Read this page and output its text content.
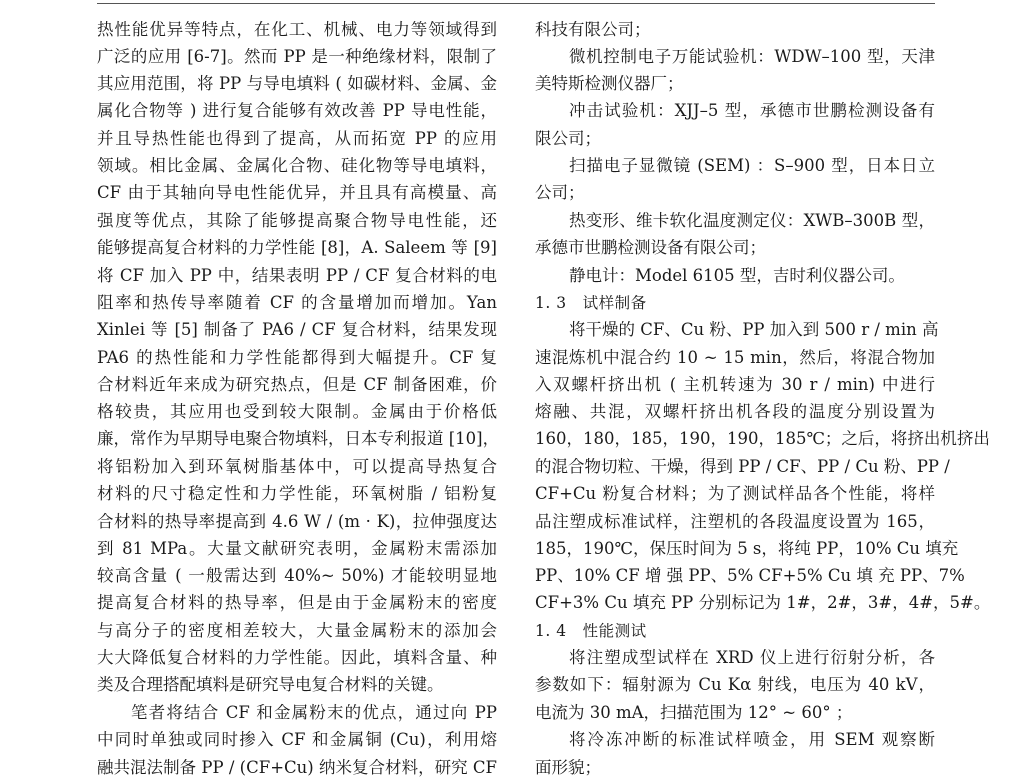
热性能优异等特点，在化工、机械、电力等领域得到
广泛的应用 [6-7]。然而 PP 是一种绝缘材料，限制了
其应用范围，将 PP 与导电填料 ( 如碳材料、金属、金
属化合物等 ) 进行复合能够有效改善 PP 导电性能，
并且导热性能也得到了提高，从而拓宽 PP 的应用
领域。相比金属、金属化合物、硅化物等导电填料，
CF 由于其轴向导电性能优异，并且具有高模量、高
强度等优点，其除了能够提高聚合物导电性能，还
能够提高复合材料的力学性能 [8]，A. Saleem 等 [9]
将 CF 加入 PP 中，结果表明 PP / CF 复合材料的电
阻率和热传导率随着 CF 的含量增加而增加。Yan
Xinlei 等 [5] 制备了 PA6 / CF 复合材料，结果发现
PA6 的热性能和力学性能都得到大幅提升。CF 复
合材料近年来成为研究热点，但是 CF 制备困难，价
格较贵，其应用也受到较大限制。金属由于价格低
廉，常作为早期导电聚合物填料，日本专利报道 [10]，
将铝粉加入到环氧树脂基体中，可以提高导热复合
材料的尺寸稳定性和力学性能，环氧树脂 / 铝粉复
合材料的热导率提高到 4.6 W / (m · K)，拉伸强度达
到 81 MPa。大量文献研究表明，金属粉末需添加
较高含量 ( 一般需达到 40%~ 50%) 才能较明显地
提高复合材料的热导率，但是由于金属粉末的密度
与高分子的密度相差较大，大量金属粉末的添加会
大大降低复合材料的力学性能。因此，填料含量、种
类及合理搭配填料是研究导电复合材料的关键。
笔者将结合 CF 和金属粉末的优点，通过向 PP
中同时单独或同时掺入 CF 和金属铜 (Cu)，利用熔
融共混法制备 PP / (CF+Cu) 纳米复合材料，研究 CF
科技有限公司；
微机控制电子万能试验机：WDW–100 型，天津
美特斯检测仪器厂；
冲击试验机：XJJ–5 型，承德市世鹏检测设备有
限公司；
扫描电子显微镜 (SEM) ：S–900 型，日本日立
公司；
热变形、维卡软化温度测定仪：XWB–300B 型，
承德市世鹏检测设备有限公司；
静电计：Model 6105 型，吉时利仪器公司。
1. 3　试样制备
将干燥的 CF、Cu 粉、PP 加入到 500 r / min 高
速混炼机中混合约 10 ~ 15 min，然后，将混合物加
入双螺杆挤出机 ( 主机转速为 30 r / min) 中进行
熔融、共混，双螺杆挤出机各段的温度分别设置为
160，180，185，190，190，185℃；之后，将挤出机挤出
的混合物切粒、干燥，得到 PP / CF、PP / Cu 粉、PP /
CF+Cu 粉复合材料；为了测试样品各个性能，将样
品注塑成标准试样，注塑机的各段温度设置为 165，
185，190℃，保压时间为 5 s，将纯 PP，10% Cu 填充
PP、10% CF 增 强 PP、5% CF+5% Cu 填 充 PP、7%
CF+3% Cu 填充 PP 分别标记为 1#，2#，3#，4#，5#。
1. 4　性能测试
将注塑成型试样在 XRD 仪上进行衍射分析，各
参数如下：辐射源为 Cu Kα 射线，电压为 40 kV，
电流为 30 mA，扫描范围为 12° ~ 60° ；
将冷冻冲断的标准试样喷金，用 SEM 观察断
面形貌；
